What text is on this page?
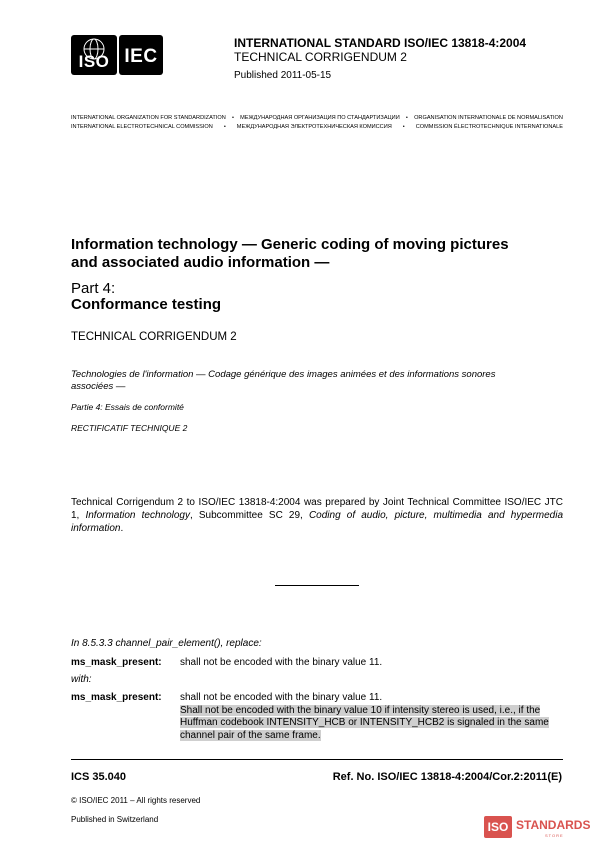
ISO IEC
INTERNATIONAL STANDARD ISO/IEC 13818-4:2004
TECHNICAL CORRIGENDUM 2
Published 2011-05-15
INTERNATIONAL ORGANIZATION FOR STANDARDIZATION	•	МЕЖДУНАРОДНАЯ ОРГАНИЗАЦИЯ ПО СТАНДАРТИЗАЦИИ	•	ORGANISATION INTERNATIONALE DE NORMALISATION
INTERNATIONAL ELECTROTECHNICAL COMMISSION	•	МЕЖДУНАРОДНАЯ ЭЛЕКТРОТЕХНИЧЕСКАЯ КОМИССИЯ	•	COMMISSION ÉLECTROTECHNIQUE INTERNATIONALE
Information technology — Generic coding of moving pictures
and associated audio information —
Part 4:
Conformance testing
TECHNICAL CORRIGENDUM 2
Technologies de l'information — Codage générique des images animées et des informations sonores
associées —
Partie 4: Essais de conformité
RECTIFICATIF TECHNIQUE 2
Technical Corrigendum 2 to ISO/IEC 13818-4:2004 was prepared by Joint Technical Committee ISO/IEC JTC 1, Information technology, Subcommittee SC 29, Coding of audio, picture, multimedia and hypermedia information.
In 8.5.3.3 channel_pair_element(), replace:
ms_mask_present: shall not be encoded with the binary value 11.
with:
ms_mask_present: shall not be encoded with the binary value 11.
Shall not be encoded with the binary value 10 if intensity stereo is used, i.e., if the
Huffman codebook INTENSITY_HCB or INTENSITY_HCB2 is signaled in the same
channel pair of the same frame.
ICS 35.040	Ref. No. ISO/IEC 13818-4:2004/Cor.2:2011(E)
© ISO/IEC 2011 – All rights reserved
Published in Switzerland
ISO STANDARDS
STORE
